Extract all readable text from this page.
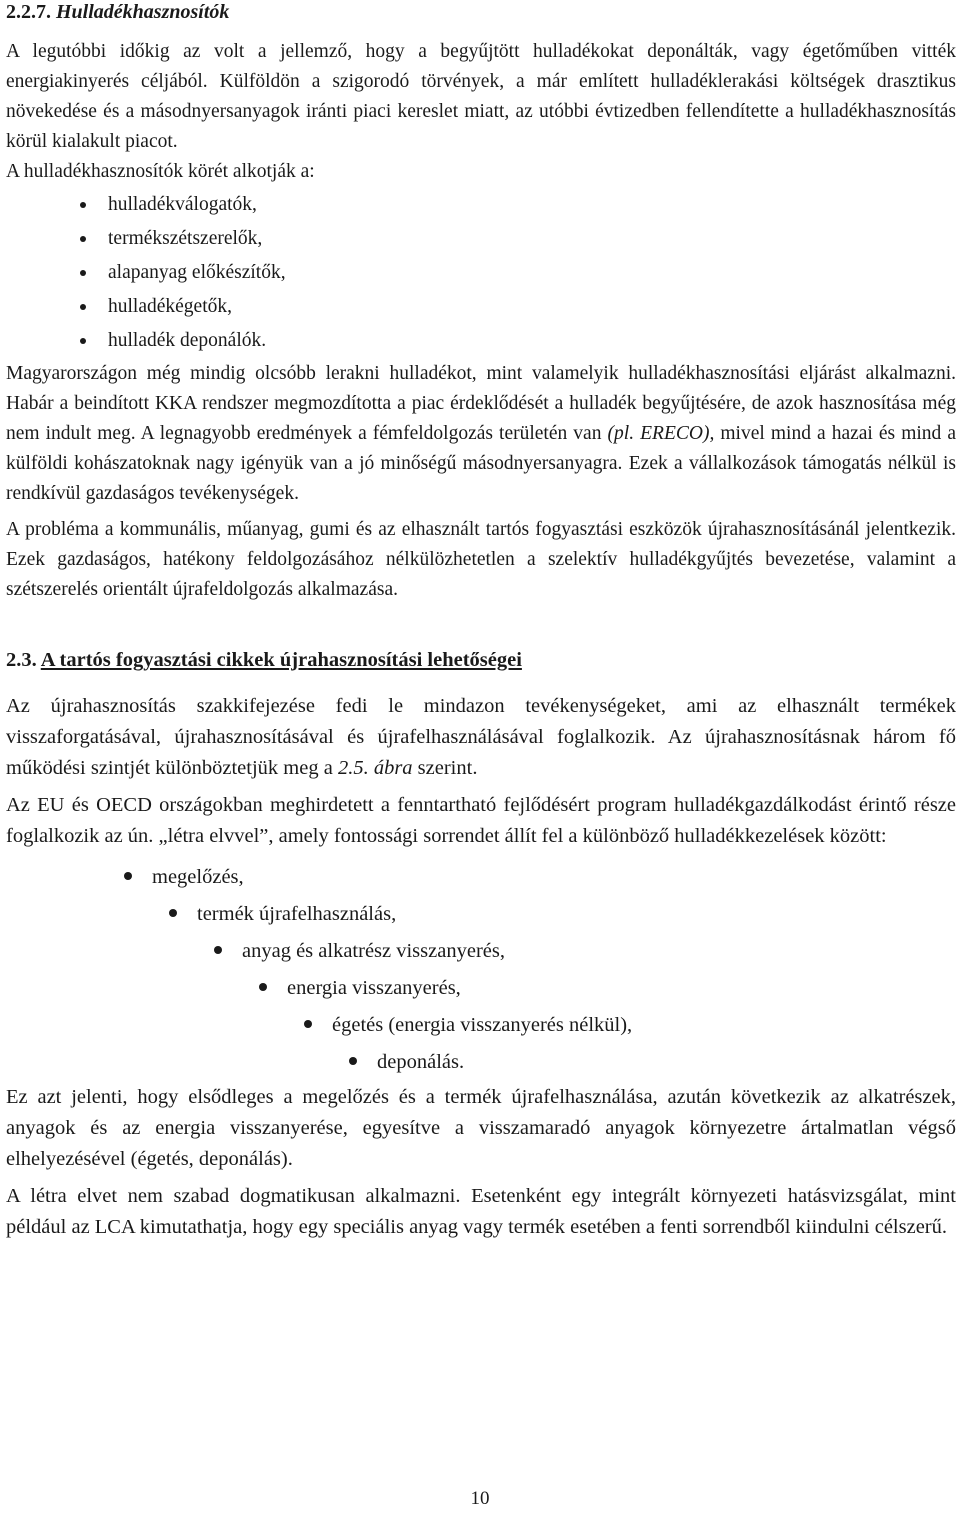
2.2.7. Hulladékhasznosítók

A legutóbbi időkig az volt a jellemző, hogy a begyűjtött hulladékokat deponálták, vagy égetőműben vitték energiakinyerés céljából. Külföldön a szigorodó törvények, a már említett hulladéklerakási költségek drasztikus növekedése és a másodnyersanyagok iránti piaci kereslet miatt, az utóbbi évtizedben fellendítette a hulladékhasznosítás körül kialakult piacot.

A hulladékhasznosítók körét alkotják a:

hulladékválogatók,
termékszétszerelők,
alapanyag előkészítők,
hulladékégetők,
hulladék deponálók.

Magyarországon még mindig olcsóbb lerakni hulladékot, mint valamelyik hulladékhasznosítási eljárást alkalmazni. Habár a beindított KKA rendszer megmozdította a piac érdeklődését a hulladék begyűjtésére, de azok hasznosítása még nem indult meg. A legnagyobb eredmények a fémfeldolgozás területén van (pl. ERECO), mivel mind a hazai és mind a külföldi kohászatoknak nagy igényük van a jó minőségű másodnyersanyagra. Ezek a vállalkozások támogatás nélkül is rendkívül gazdaságos tevékenységek.

A probléma a kommunális, műanyag, gumi és az elhasznált tartós fogyasztási eszközök újrahasznosításánál jelentkezik. Ezek gazdaságos, hatékony feldolgozásához nélkülözhetetlen a szelektív hulladékgyűjtés bevezetése, valamint a szétszerelés orientált újrafeldolgozás alkalmazása.

2.3. A tartós fogyasztási cikkek újrahasznosítási lehetőségei

Az újrahasznosítás szakkifejezése fedi le mindazon tevékenységeket, ami az elhasznált termékek visszaforgatásával, újrahasznosításával és újrafelhasználásával foglalkozik. Az újrahasznosításnak három fő működési szintjét különböztetjük meg a 2.5. ábra szerint.

Az EU és OECD országokban meghirdetett a fenntartható fejlődésért program hulladékgazdálkodást érintő része foglalkozik az ún. „létra elvvel”, amely fontossági sorrendet állít fel a különböző hulladékkezelések között:

megelőzés,
termék újrafelhasználás,
anyag és alkatrész visszanyerés,
energia visszanyerés,
égetés (energia visszanyerés nélkül),
deponálás.

Ez azt jelenti, hogy elsődleges a megelőzés és a termék újrafelhasználása, azután következik az alkatrészek, anyagok és az energia visszanyerése, egyesítve a visszamaradó anyagok környezetre ártalmatlan végső elhelyezésével (égetés, deponálás).

A létra elvet nem szabad dogmatikusan alkalmazni. Esetenként egy integrált környezeti hatásvizsgálat, mint például az LCA kimutathatja, hogy egy speciális anyag vagy termék esetében a fenti sorrendből kiindulni célszerű.

10
